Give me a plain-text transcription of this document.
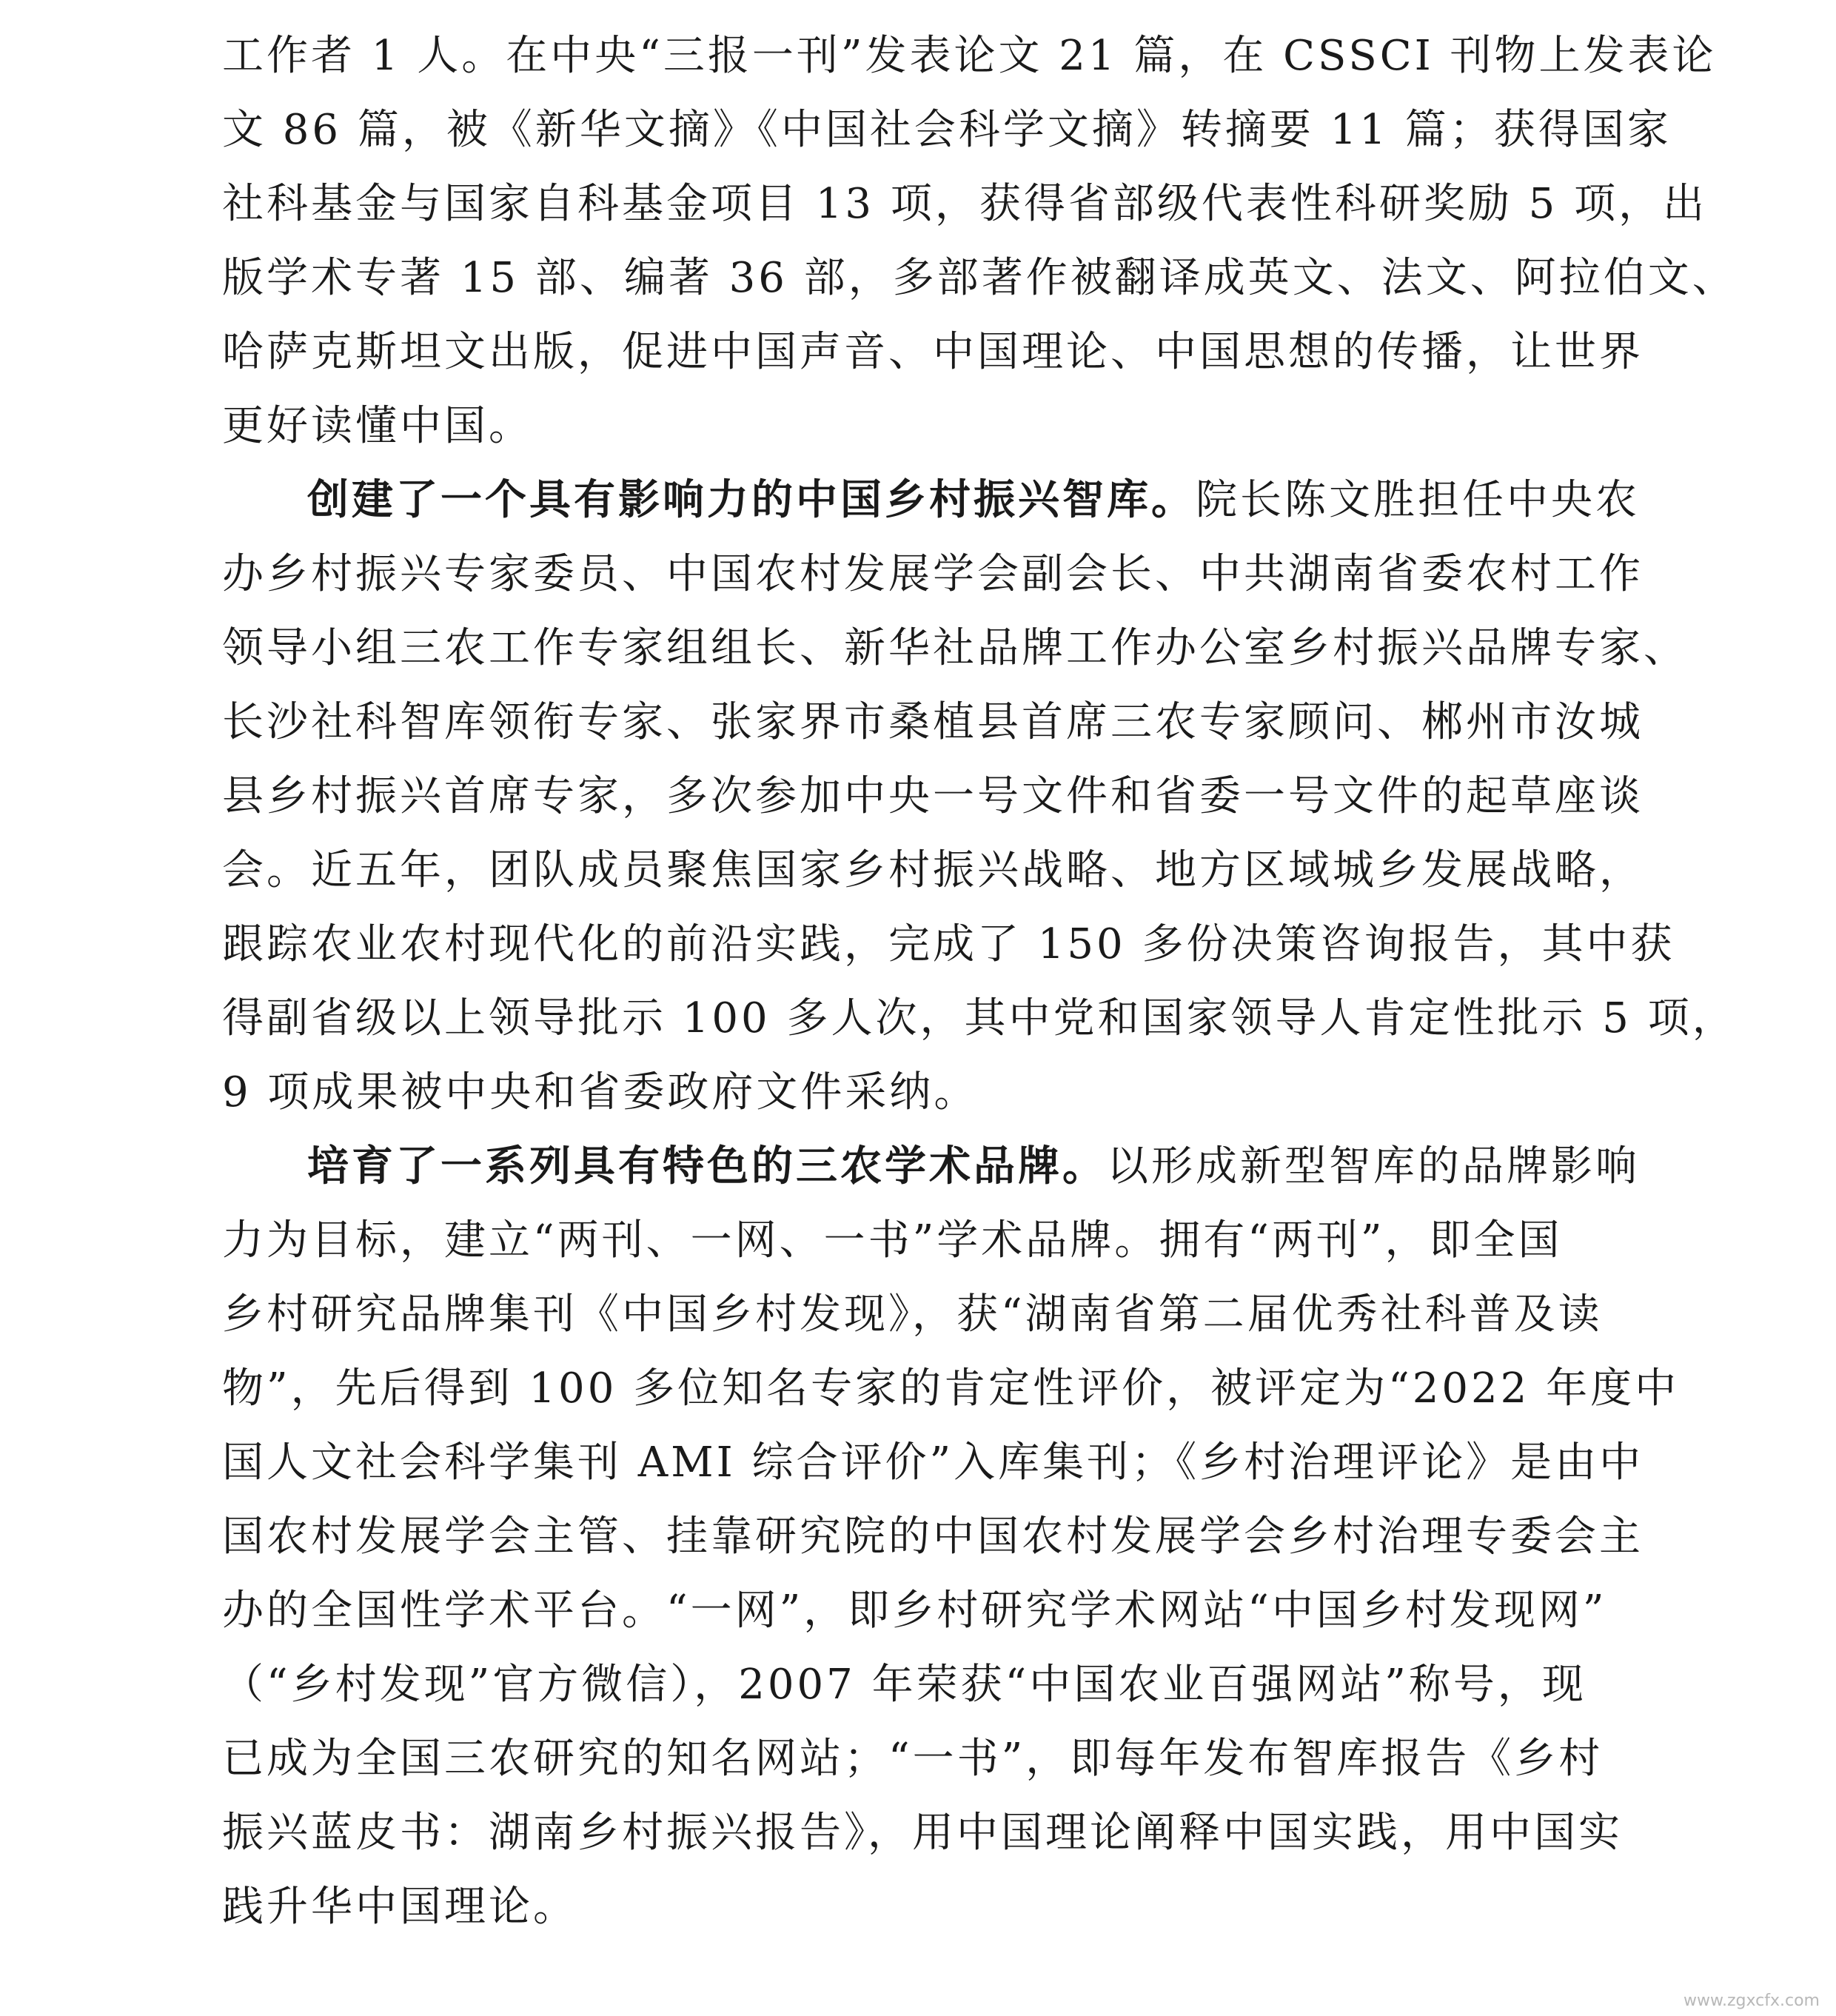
工作者 1 人。在中央“三报一刊”发表论文 21 篇，在 CSSCI 刊物上发表论
文 86 篇，被《新华文摘》《中国社会科学文摘》转摘要 11 篇；获得国家
社科基金与国家自科基金项目 13 项，获得省部级代表性科研奖励 5 项，出
版学术专著 15 部、编著 36 部，多部著作被翻译成英文、法文、阿拉伯文、
哈萨克斯坦文出版，促进中国声音、中国理论、中国思想的传播，让世界
更好读懂中国。
创建了一个具有影响力的中国乡村振兴智库。院长陈文胜担任中央农
办乡村振兴专家委员、中国农村发展学会副会长、中共湖南省委农村工作
领导小组三农工作专家组组长、新华社品牌工作办公室乡村振兴品牌专家、
长沙社科智库领衔专家、张家界市桑植县首席三农专家顾问、郴州市汝城
县乡村振兴首席专家，多次参加中央一号文件和省委一号文件的起草座谈
会。近五年，团队成员聚焦国家乡村振兴战略、地方区域城乡发展战略，
跟踪农业农村现代化的前沿实践，完成了 150 多份决策咨询报告，其中获
得副省级以上领导批示 100 多人次，其中党和国家领导人肯定性批示 5 项，
9 项成果被中央和省委政府文件采纳。
培育了一系列具有特色的三农学术品牌。以形成新型智库的品牌影响
力为目标，建立“两刊、一网、一书”学术品牌。拥有“两刊”，即全国
乡村研究品牌集刊《中国乡村发现》，获“湖南省第二届优秀社科普及读
物”，先后得到 100 多位知名专家的肯定性评价，被评定为“2022 年度中
国人文社会科学集刊 AMI 综合评价”入库集刊；《乡村治理评论》是由中
国农村发展学会主管、挂靠研究院的中国农村发展学会乡村治理专委会主
办的全国性学术平台。“一网”，即乡村研究学术网站“中国乡村发现网”
（“乡村发现”官方微信），2007 年荣获“中国农业百强网站”称号，现
已成为全国三农研究的知名网站；“一书”，即每年发布智库报告《乡村
振兴蓝皮书：湖南乡村振兴报告》，用中国理论阐释中国实践，用中国实
践升华中国理论。
www.zgxcfx.com
